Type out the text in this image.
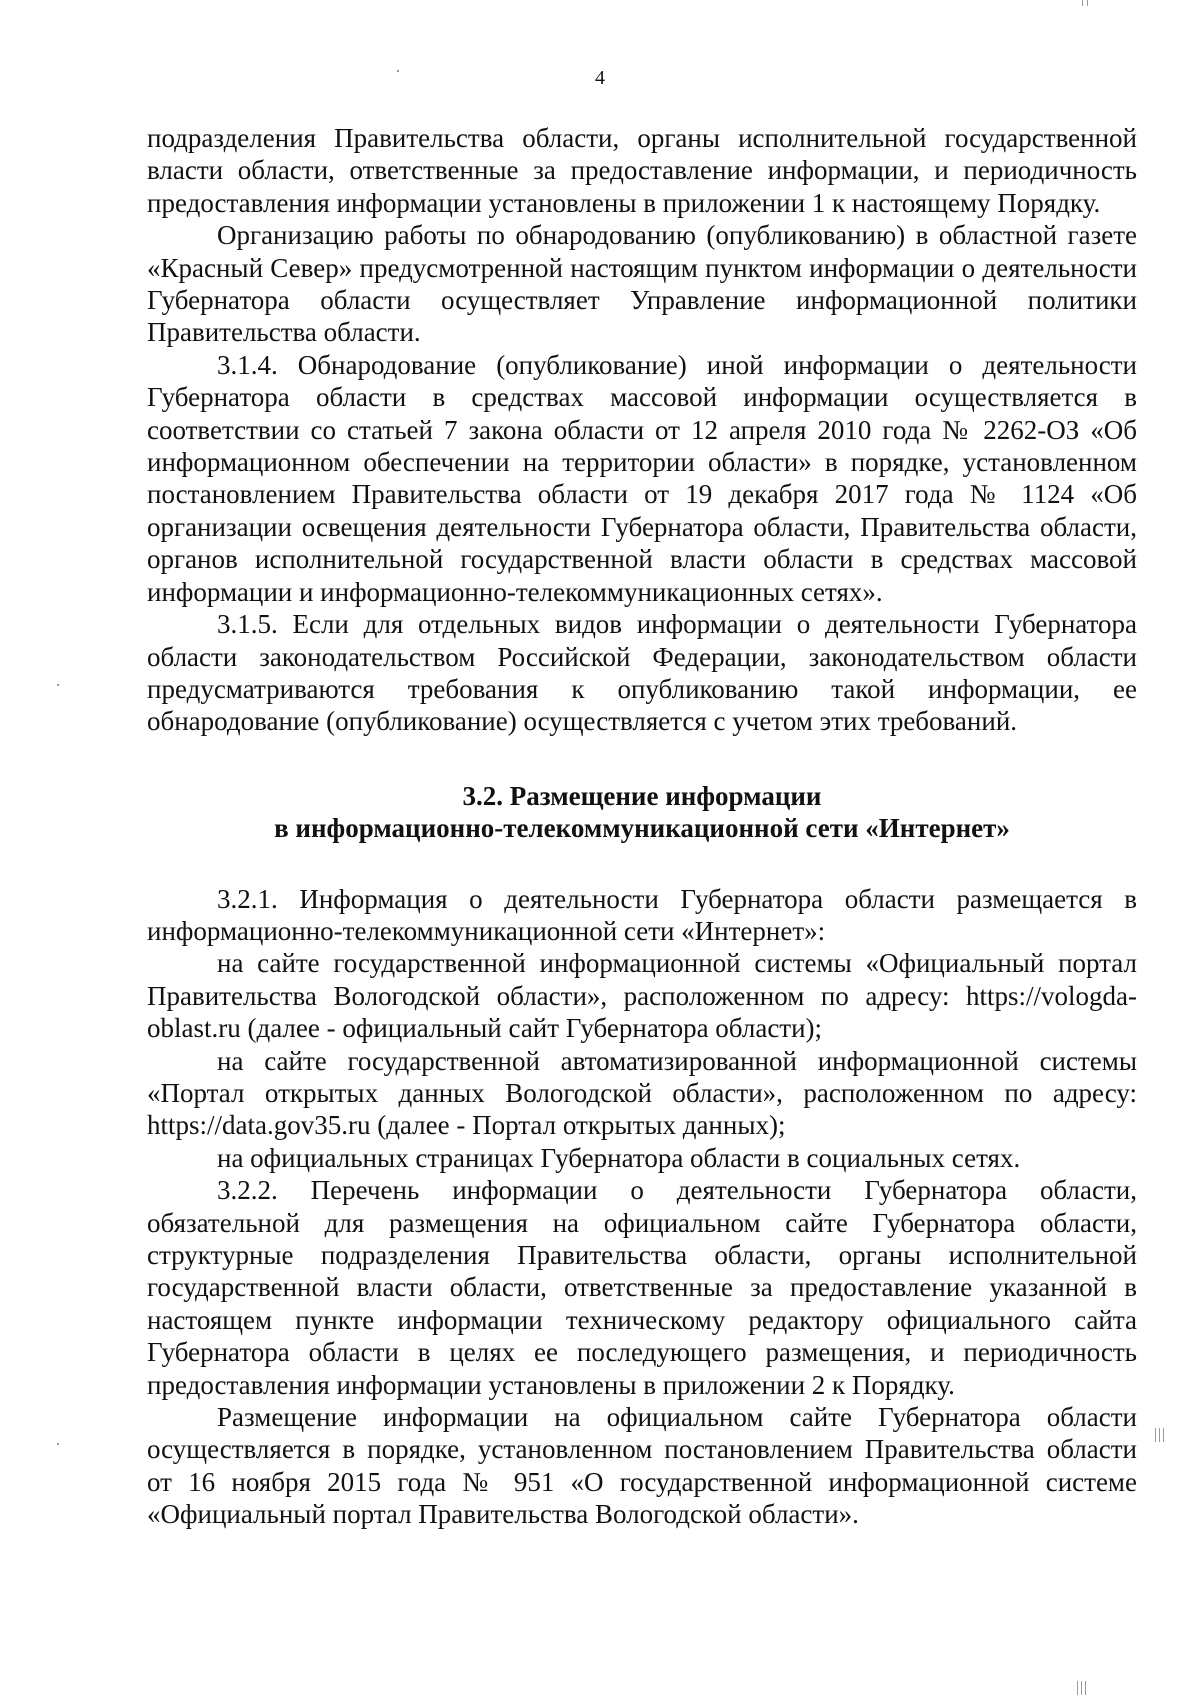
4

подразделения Правительства области, органы исполнительной государственной власти области, ответственные за предоставление информации, и периодичность предоставления информации установлены в приложении 1 к настоящему Порядку.

Организацию работы по обнародованию (опубликованию) в областной газете «Красный Север» предусмотренной настоящим пунктом информации о деятельности Губернатора области осуществляет Управление информационной политики Правительства области.

3.1.4. Обнародование (опубликование) иной информации о деятельности Губернатора области в средствах массовой информации осуществляется в соответствии со статьей 7 закона области от 12 апреля 2010 года № 2262-ОЗ «Об информационном обеспечении на территории области» в порядке, установленном постановлением Правительства области от 19 декабря 2017 года № 1124 «Об организации освещения деятельности Губернатора области, Правительства области, органов исполнительной государственной власти области в средствах массовой информации и информационно-телекоммуникационных сетях».

3.1.5. Если для отдельных видов информации о деятельности Губернатора области законодательством Российской Федерации, законодательством области предусматриваются требования к опубликованию такой информации, ее обнародование (опубликование) осуществляется с учетом этих требований.

3.2. Размещение информации

в информационно-телекоммуникационной сети «Интернет»

3.2.1. Информация о деятельности Губернатора области размещается в информационно-телекоммуникационной сети «Интернет»:

на сайте государственной информационной системы «Официальный портал Правительства Вологодской области», расположенном по адресу: https://vologda-oblast.ru (далее - официальный сайт Губернатора области);

на сайте государственной автоматизированной информационной системы «Портал открытых данных Вологодской области», расположенном по адресу: https://data.gov35.ru (далее - Портал открытых данных);

на официальных страницах Губернатора области в социальных сетях.

3.2.2. Перечень информации о деятельности Губернатора области, обязательной для размещения на официальном сайте Губернатора области, структурные подразделения Правительства области, органы исполнительной государственной власти области, ответственные за предоставление указанной в настоящем пункте информации техническому редактору официального сайта Губернатора области в целях ее последующего размещения, и периодичность предоставления информации установлены в приложении 2 к Порядку.

Размещение информации на официальном сайте Губернатора области осуществляется в порядке, установленном постановлением Правительства области от 16 ноября 2015 года № 951 «О государственной информационной системе «Официальный портал Правительства Вологодской области».
